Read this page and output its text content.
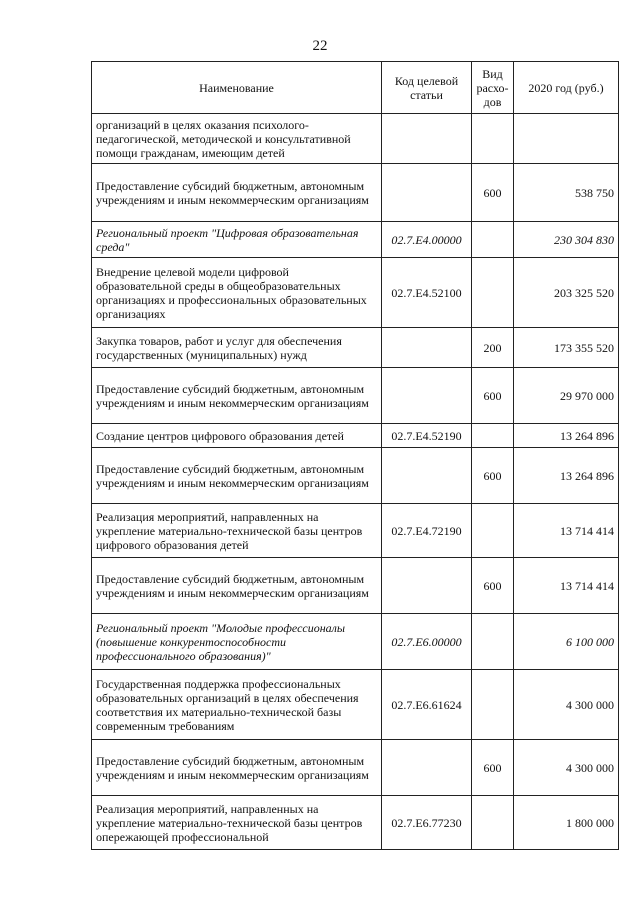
22
Наименование	Код целевой статьи	Вид расхо-дов	2020 год (руб.)
организаций в целях оказания психолого-педагогической, методической и консультативной помощи гражданам, имеющим детей			
Предоставление субсидий бюджетным, автономным учреждениям и иным некоммерческим организациям		600	538 750
Региональный проект "Цифровая образовательная среда"	02.7.Е4.00000		230 304 830
Внедрение целевой модели цифровой образовательной среды в общеобразовательных организациях и профессиональных образовательных организациях	02.7.Е4.52100		203 325 520
Закупка товаров, работ и услуг для обеспечения государственных (муниципальных) нужд		200	173 355 520
Предоставление субсидий бюджетным, автономным учреждениям и иным некоммерческим организациям		600	29 970 000
Создание центров цифрового образования детей	02.7.Е4.52190		13 264 896
Предоставление субсидий бюджетным, автономным учреждениям и иным некоммерческим организациям		600	13 264 896
Реализация мероприятий, направленных на укрепление материально-технической базы центров цифрового образования детей	02.7.Е4.72190		13 714 414
Предоставление субсидий бюджетным, автономным учреждениям и иным некоммерческим организациям		600	13 714 414
Региональный проект "Молодые профессионалы (повышение конкурентоспособности профессионального образования)"	02.7.Е6.00000		6 100 000
Государственная поддержка профессиональных образовательных организаций в целях обеспечения соответствия их материально-технической базы современным требованиям	02.7.Е6.61624		4 300 000
Предоставление субсидий бюджетным, автономным учреждениям и иным некоммерческим организациям		600	4 300 000
Реализация мероприятий, направленных на укрепление материально-технической базы центров опережающей профессиональной	02.7.Е6.77230		1 800 000
